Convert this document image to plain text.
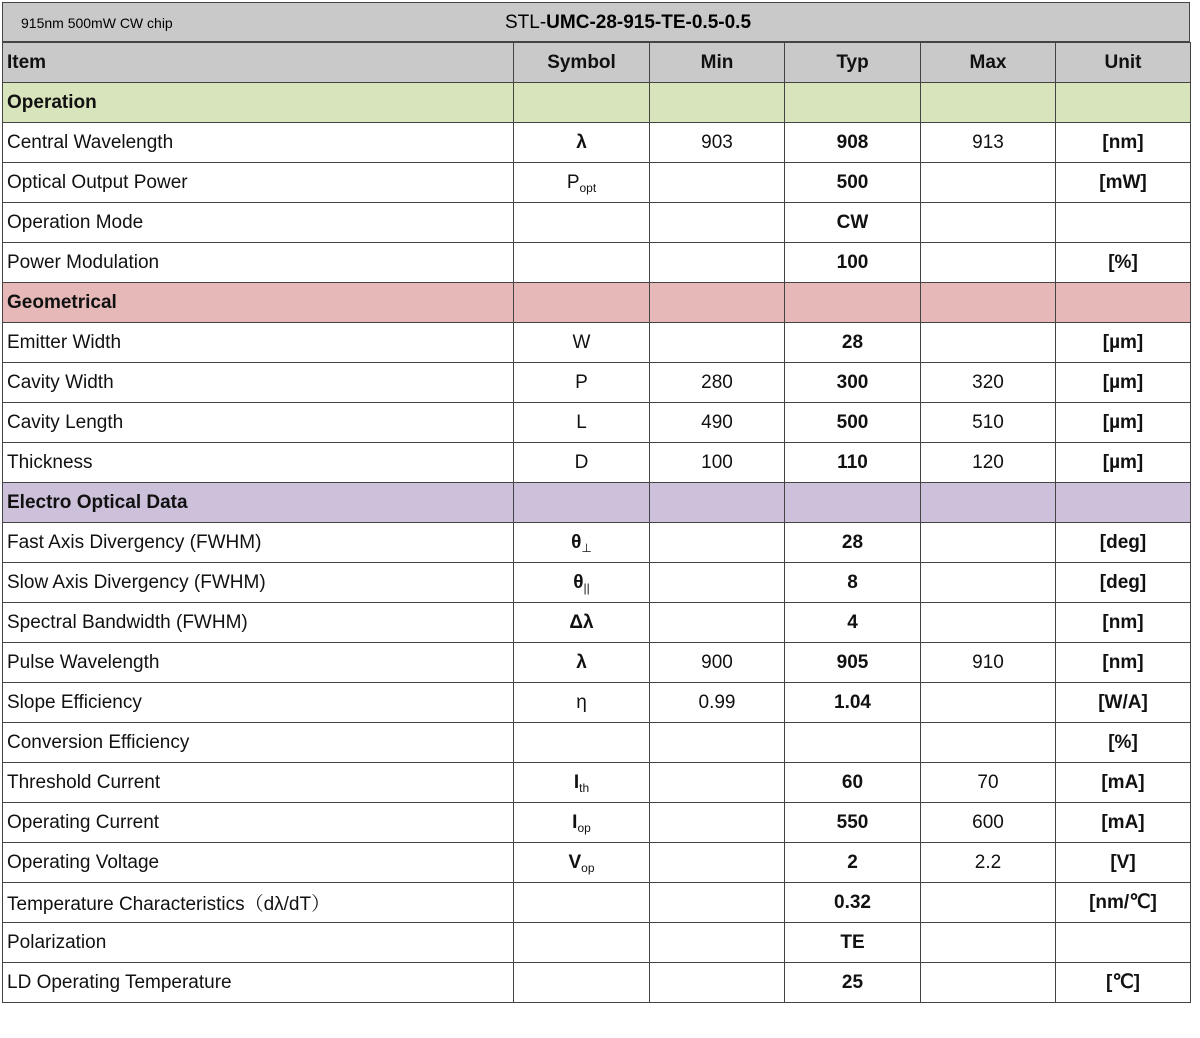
915nm 500mW CW chip	STL-UMC-28-915-TE-0.5-0.5
Item	Symbol	Min	Typ	Max	Unit
Operation					
Central Wavelength	λ	903	908	913	[nm]
Optical Output Power	$P_{opt}$		500		[mW]
Operation Mode			CW		
Power Modulation			100		[%]
Geometrical					
Emitter Width	W		28		[µm]
Cavity Width	P	280	300	320	[µm]
Cavity Length	L	490	500	510	[µm]
Thickness	D	100	110	120	[µm]
Electro Optical Data					
Fast Axis Divergency (FWHM)	$\theta_\perp$		28		[deg]
Slow Axis Divergency (FWHM)	$\theta_{||}$		8		[deg]
Spectral Bandwidth (FWHM)	Δλ		4		[nm]
Pulse Wavelength	λ	900	905	910	[nm]
Slope Efficiency	η	0.99	1.04		[W/A]
Conversion Efficiency					[%]
Threshold Current	$I_{th}$		60	70	[mA]
Operating Current	$I_{op}$		550	600	[mA]
Operating Voltage	$V_{op}$		2	2.2	[V]
Temperature Characteristics（dλ/dT）			0.32		[nm/℃]
Polarization			TE		
LD Operating Temperature			25		[℃]
